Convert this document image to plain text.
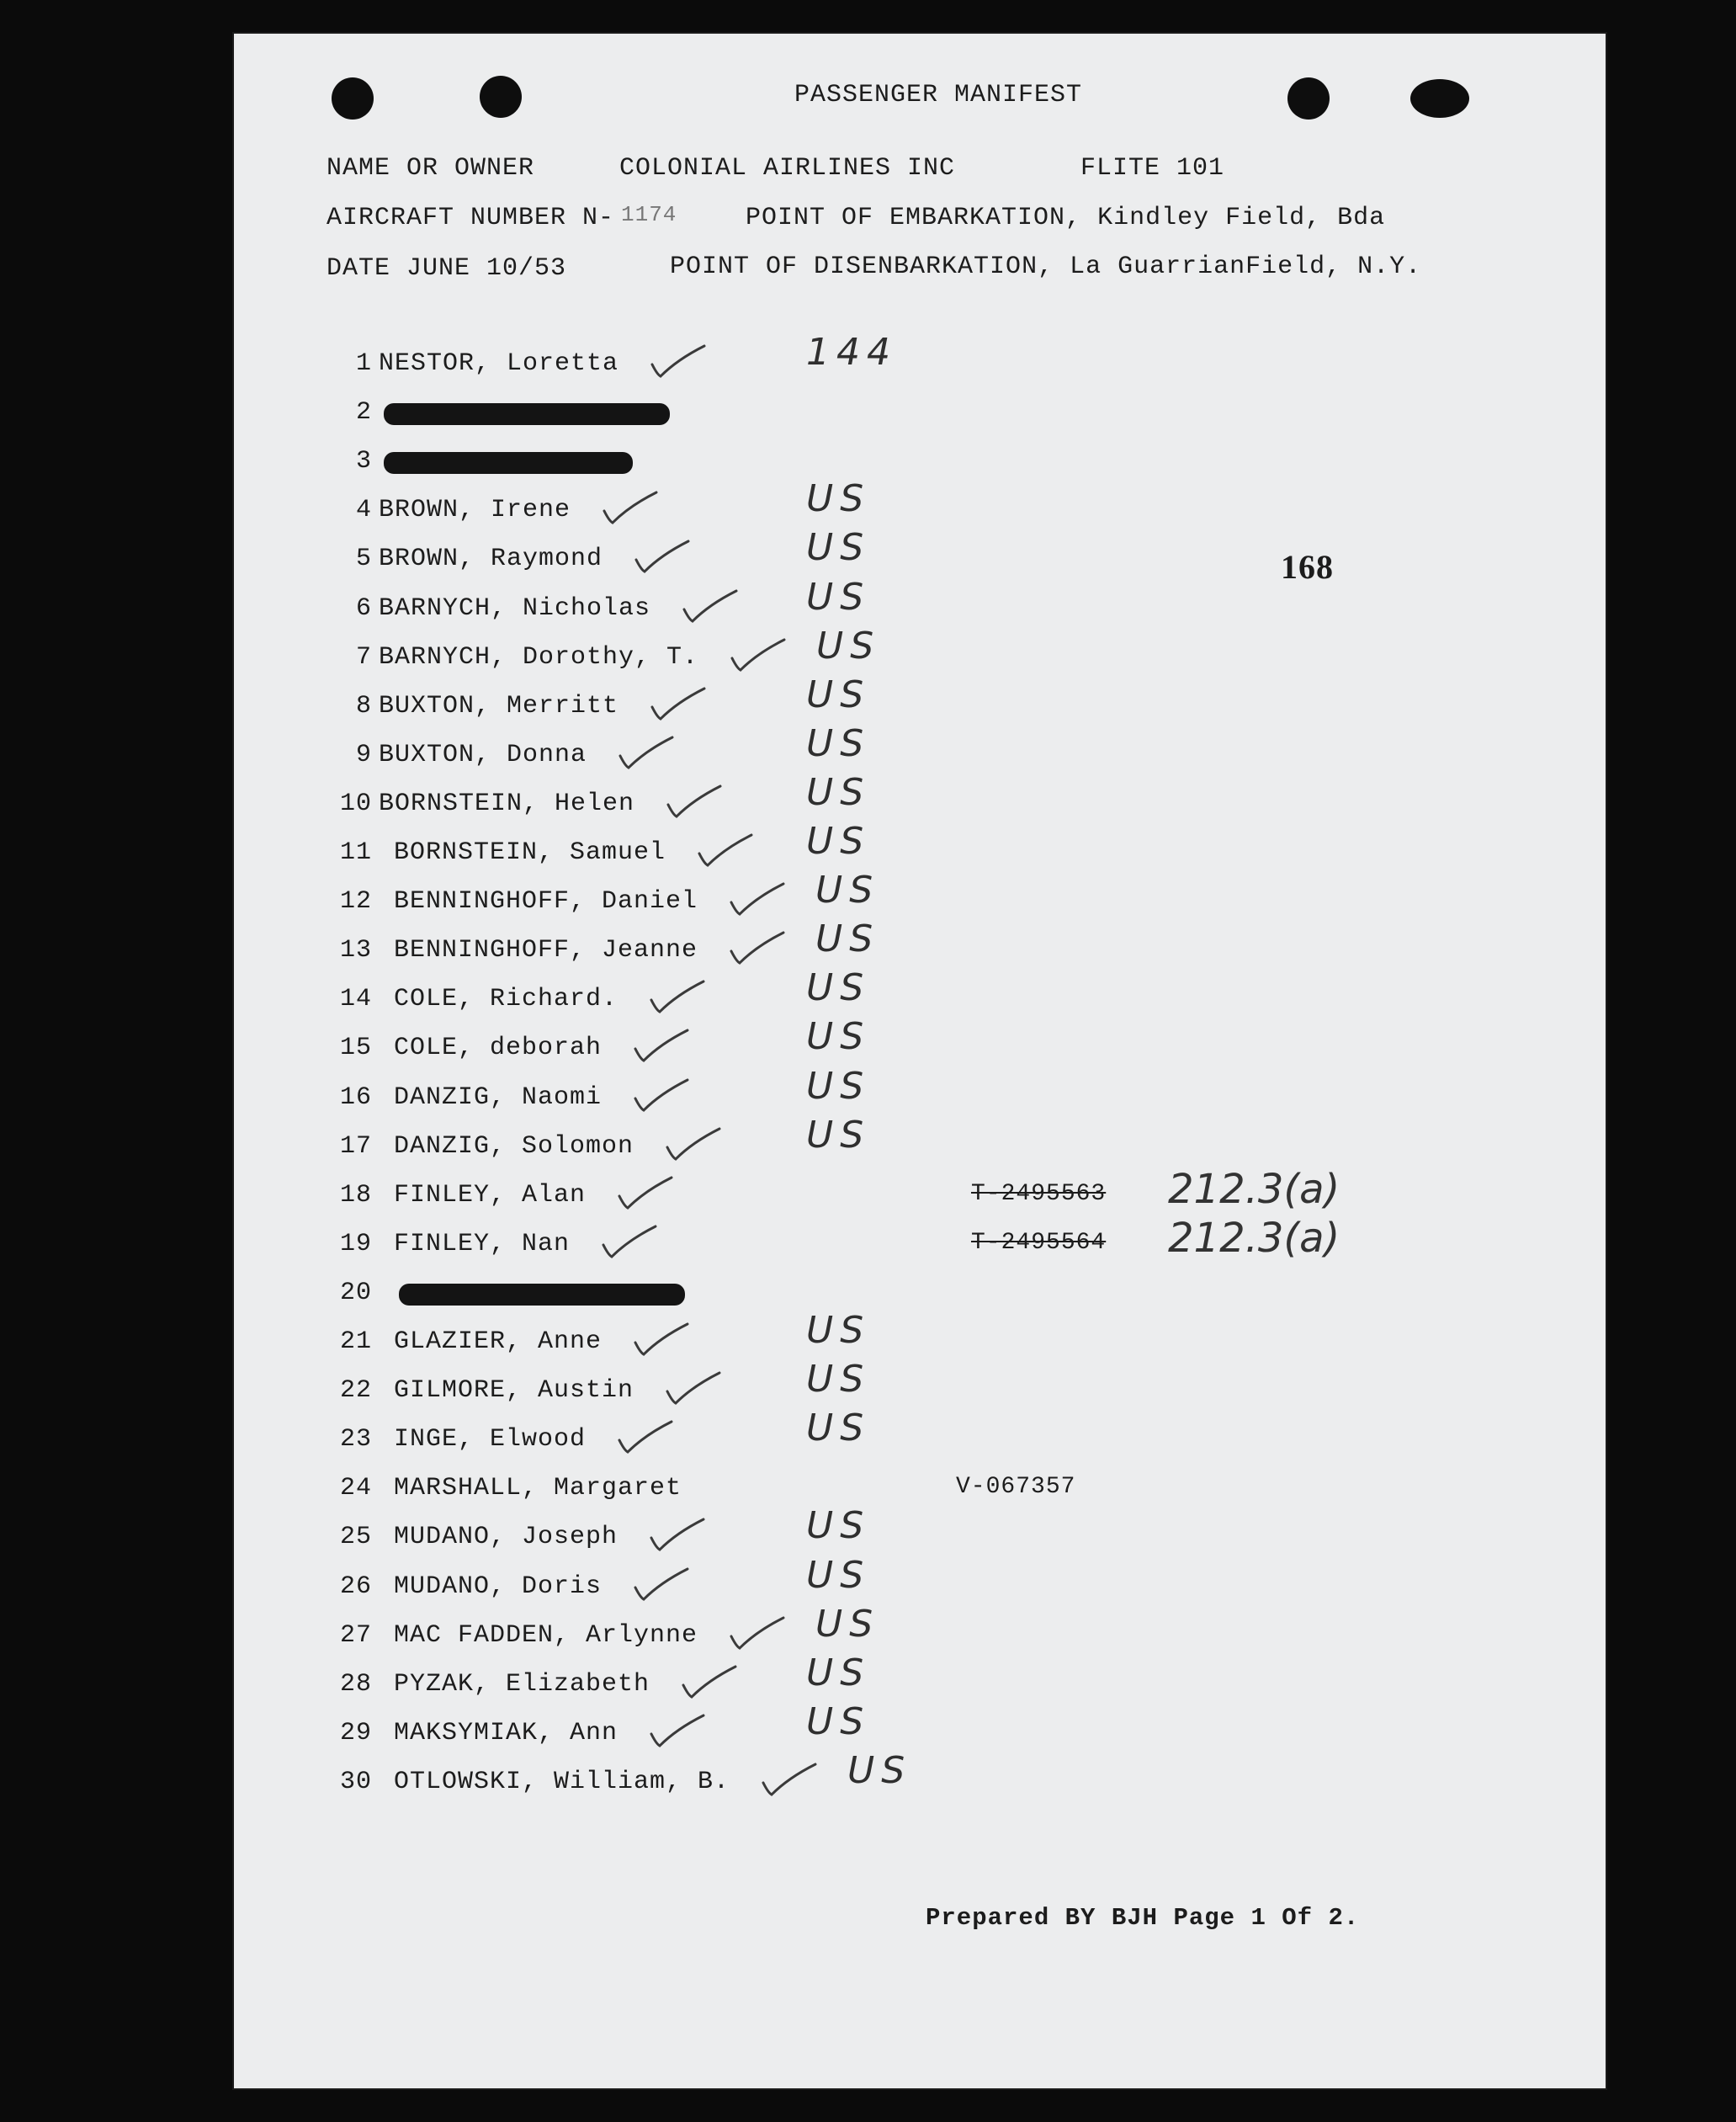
PASSENGER MANIFEST
NAME OR OWNER	COLONIAL AIRLINES INC	FLITE 101
AIRCRAFT NUMBER N- 1174	POINT OF EMBARKATION, Kindley Field, Bda
DATE JUNE 10/53	POINT OF DISENBARKATION, La GuarrianField, N.Y.
168
1 NESTOR, Loretta	144
2
3
4 BROWN, Irene	US
5 BROWN, Raymond	US
6 BARNYCH, Nicholas	US
7 BARNYCH, Dorothy, T.	US
8 BUXTON, Merritt	US
9 BUXTON, Donna	US
10 BORNSTEIN, Helen	US
11 BORNSTEIN, Samuel	US
12 BENNINGHOFF, Daniel	US
13 BENNINGHOFF, Jeanne	US
14 COLE, Richard.	US
15 COLE, deborah	US
16 DANZIG, Naomi	US
17 DANZIG, Solomon	US
18 FINLEY, Alan	T-2495563 212.3(a)
19 FINLEY, Nan	T-2495564 212.3(a)
20
21 GLAZIER, Anne	US
22 GILMORE, Austin	US
23 INGE, Elwood	US
24 MARSHALL, Margaret	V-067357
25 MUDANO, Joseph	US
26 MUDANO, Doris	US
27 MAC FADDEN, Arlynne	US
28 PYZAK, Elizabeth	US
29 MAKSYMIAK, Ann	US
30 OTLOWSKI, William, B.	US
Prepared BY BJH Page 1 Of 2.
